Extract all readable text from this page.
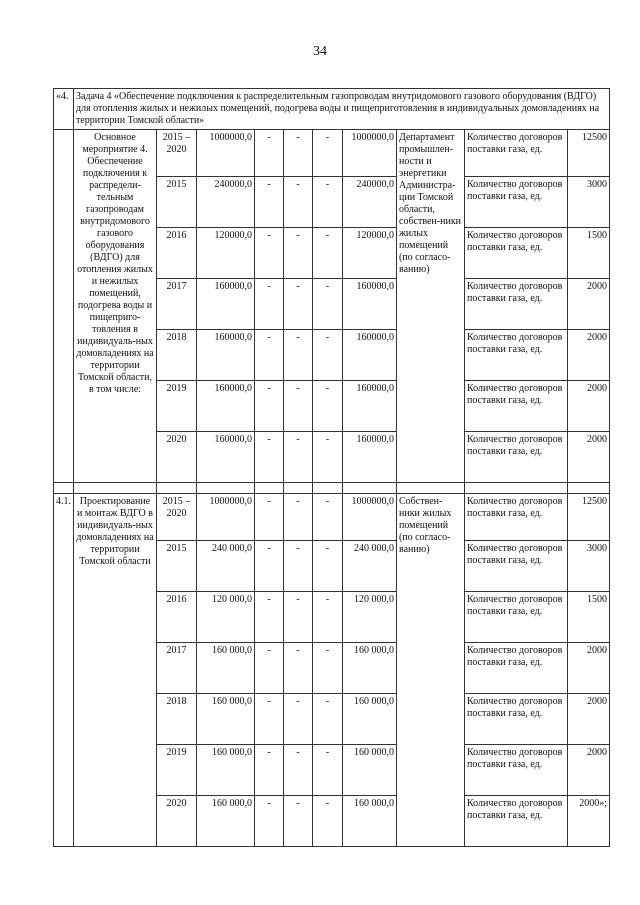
34
«4.	Задача 4 «Обеспечение подключения к распределительным газопроводам внутридомового газового оборудования (ВДГО) для отопления жилых и нежилых помещений, подогрева воды и пищеприготовления в индивидуальных домовладениях на территории Томской области»									
	Основное мероприятие 4. Обеспечение подключения к распредели-тельным газопроводам внутридомового газового оборудования (ВДГО) для отопления жилых и нежилых помещений, подогрева воды и пищеприго-товления в индивидуаль-ных домовладениях на территории Томской области, в том числе:	2015 – 2020	1000000,0	-	-	-	1000000,0	Департамент промышлен-ности и энергетики Администра-ции Томской области, собствен-ники жилых помещений (по согласо-ванию)	Количество договоров поставки газа, ед.	12500
		2015	240000,0	-	-	-	240000,0		Количество договоров поставки газа, ед.	3000
		2016	120000,0	-	-	-	120000,0		Количество договоров поставки газа, ед.	1500
		2017	160000,0	-	-	-	160000,0		Количество договоров поставки газа, ед.	2000
		2018	160000,0	-	-	-	160000,0		Количество договоров поставки газа, ед.	2000
		2019	160000,0	-	-	-	160000,0		Количество договоров поставки газа, ед.	2000
		2020	160000,0	-	-	-	160000,0		Количество договоров поставки газа, ед.	2000

4.1.	Проектирование и монтаж ВДГО в индивидуаль-ных домовладениях на территории Томской области	2015 – 2020	1000000,0	-	-	-	1000000,0	Собствен-ники жилых помещений (по согласо-ванию)	Количество договоров поставки газа, ед.	12500
		2015	240 000,0	-	-	-	240 000,0		Количество договоров поставки газа, ед.	3000
		2016	120 000,0	-	-	-	120 000,0		Количество договоров поставки газа, ед.	1500
		2017	160 000,0	-	-	-	160 000,0		Количество договоров поставки газа, ед.	2000
		2018	160 000,0	-	-	-	160 000,0		Количество договоров поставки газа, ед.	2000
		2019	160 000,0	-	-	-	160 000,0		Количество договоров поставки газа, ед.	2000
		2020	160 000,0	-	-	-	160 000,0		Количество договоров поставки газа, ед.	2000»;
